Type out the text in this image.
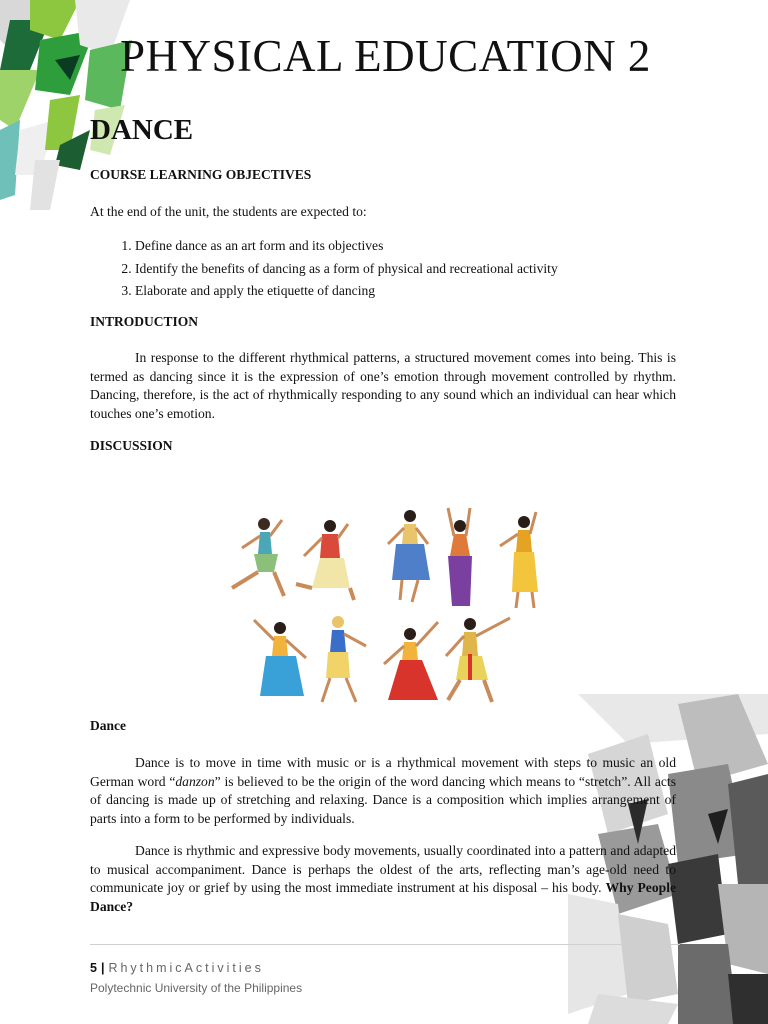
PHYSICAL EDUCATION 2
DANCE
COURSE LEARNING OBJECTIVES
At the end of the unit, the students are expected to:
1. Define dance as an art form and its objectives
2. Identify the benefits of dancing as a form of physical and recreational activity
3. Elaborate and apply the etiquette of dancing
INTRODUCTION
In response to the different rhythmical patterns, a structured movement comes into being. This is termed as dancing since it is the expression of one’s emotion through movement controlled by rhythm. Dancing, therefore, is the act of rhythmically responding to any sound which an individual can hear which touches one’s emotion.
DISCUSSION
Dance
Dance is to move in time with music or is a rhythmical movement with steps to music an old German word “danzon” is believed to be the origin of the word dancing which means to “stretch”. All acts of dancing is made up of stretching and relaxing. Dance is a composition which implies arrangement of parts into a form to be performed by individuals.
Dance is rhythmic and expressive body movements, usually coordinated into a pattern and adapted to musical accompaniment. Dance is perhaps the oldest of the arts, reflecting man’s age-old need to communicate joy or grief by using the most immediate instrument at his disposal – his body. Why People Dance?
5 | RhythmicActivities
Polytechnic University of the Philippines
